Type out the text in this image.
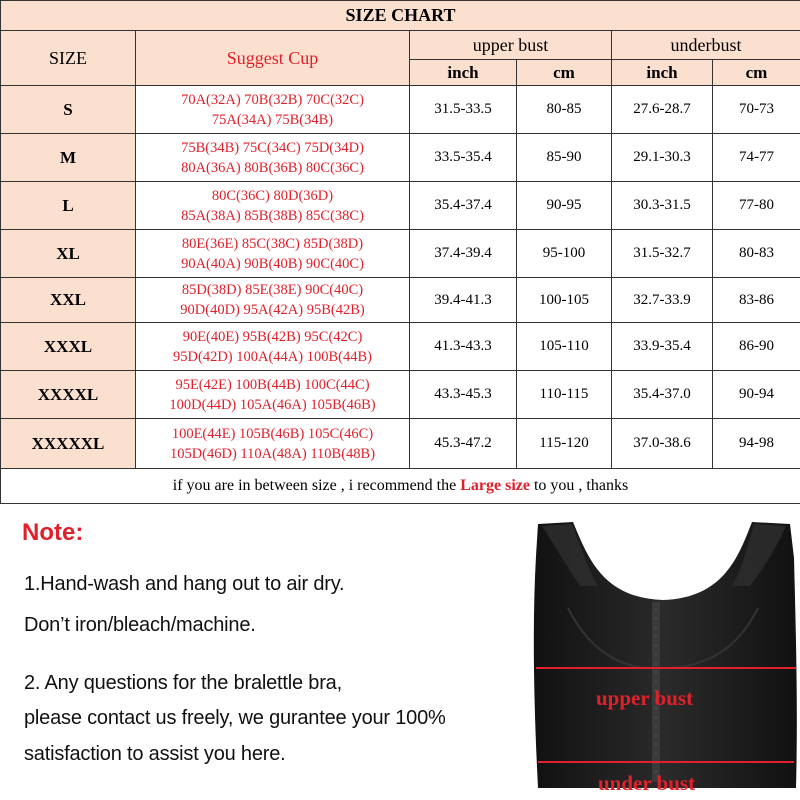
SIZE CHART					
SIZE	Suggest Cup	upper bust		underbust	
		inch	cm	inch	cm
S	70A(32A) 70B(32B) 70C(32C)
75A(34A) 75B(34B)	31.5-33.5	80-85	27.6-28.7	70-73
M	75B(34B) 75C(34C) 75D(34D)
80A(36A) 80B(36B) 80C(36C)	33.5-35.4	85-90	29.1-30.3	74-77
L	80C(36C) 80D(36D)
85A(38A) 85B(38B) 85C(38C)	35.4-37.4	90-95	30.3-31.5	77-80
XL	80E(36E) 85C(38C) 85D(38D)
90A(40A) 90B(40B) 90C(40C)	37.4-39.4	95-100	31.5-32.7	80-83
XXL	85D(38D) 85E(38E) 90C(40C)
90D(40D) 95A(42A) 95B(42B)	39.4-41.3	100-105	32.7-33.9	83-86
XXXL	90E(40E) 95B(42B) 95C(42C)
95D(42D) 100A(44A) 100B(44B)	41.3-43.3	105-110	33.9-35.4	86-90
XXXXL	95E(42E) 100B(44B) 100C(44C)
100D(44D) 105A(46A) 105B(46B)	43.3-45.3	110-115	35.4-37.0	90-94
XXXXXL	100E(44E) 105B(46B) 105C(46C)
105D(46D) 110A(48A) 110B(48B)	45.3-47.2	115-120	37.0-38.6	94-98
if you are in between size , i recommend the Large size to you , thanks					
Note:
1.Hand-wash and hang out to air dry.
Don’t iron/bleach/machine.
2. Any questions for the bralettle bra,
please contact us freely, we gurantee your 100%
satisfaction to assist you here.
upper bust
under bust
